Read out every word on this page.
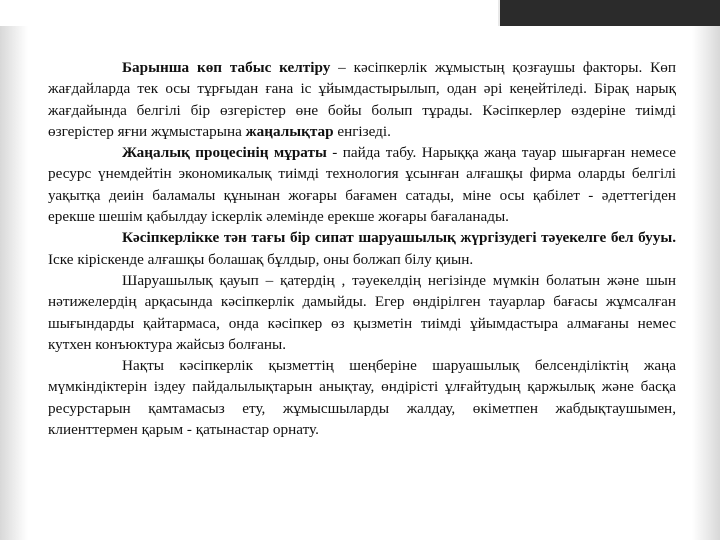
Барынша көп табыс келтіру – кәсіпкерлік жұмыстың қозғаушы факторы. Көп жағдайларда тек осы тұрғыдан ғана іс ұйымдастырылып, одан әрі кеңейтіледі. Бірақ нарық жағдайында белгілі бір өзгерістер өне бойы болып тұрады. Кәсіпкерлер өздеріне тиімді өзгерістер яғни жұмыстарына жаңалықтар енгізеді.

Жаңалық процесінің мұраты - пайда табу. Нарыққа жаңа тауар шығарған немесе ресурс үнемдейтін экономикалық тиімді технология ұсынған алғашқы фирма оларды белгілі уақытқа деиін баламалы құнынан жоғары бағамен сатады, міне осы қабілет - әдеттегіден ерекше шешім қабылдау іскерлік әлемінде ерекше жоғары бағаланады.

Кәсіпкерлікке тән тағы бір сипат шаруашылық жүргізудегі тәуекелге бел бууы. Іске кіріскенде алғашқы болашақ бұлдыр, оны болжап білу қиын.

Шаруашылық қауып – қатердің , тәуекелдің негізінде мүмкін болатын және шын нәтижелердің арқасында кәсіпкерлік дамыйды. Егер өндірілген тауарлар бағасы жұмсалған шығындарды қайтармаса, онда кәсіпкер өз қызметін тиімді ұйымдастыра алмағаны немес кутхен конъюктура жайсыз болғаны.

Нақты кәсіпкерлік қызметтің шеңберіне шаруашылық белсенділіктің жаңа мүмкіндіктерін іздеу пайдалылықтарын анықтау, өндірісті ұлғайтудың қаржылық және басқа ресурстарын қамтамасыз ету, жұмысшыларды жалдау, өкіметпен жабдықтаушымен, клиенттермен қарым - қатынастар орнату.
